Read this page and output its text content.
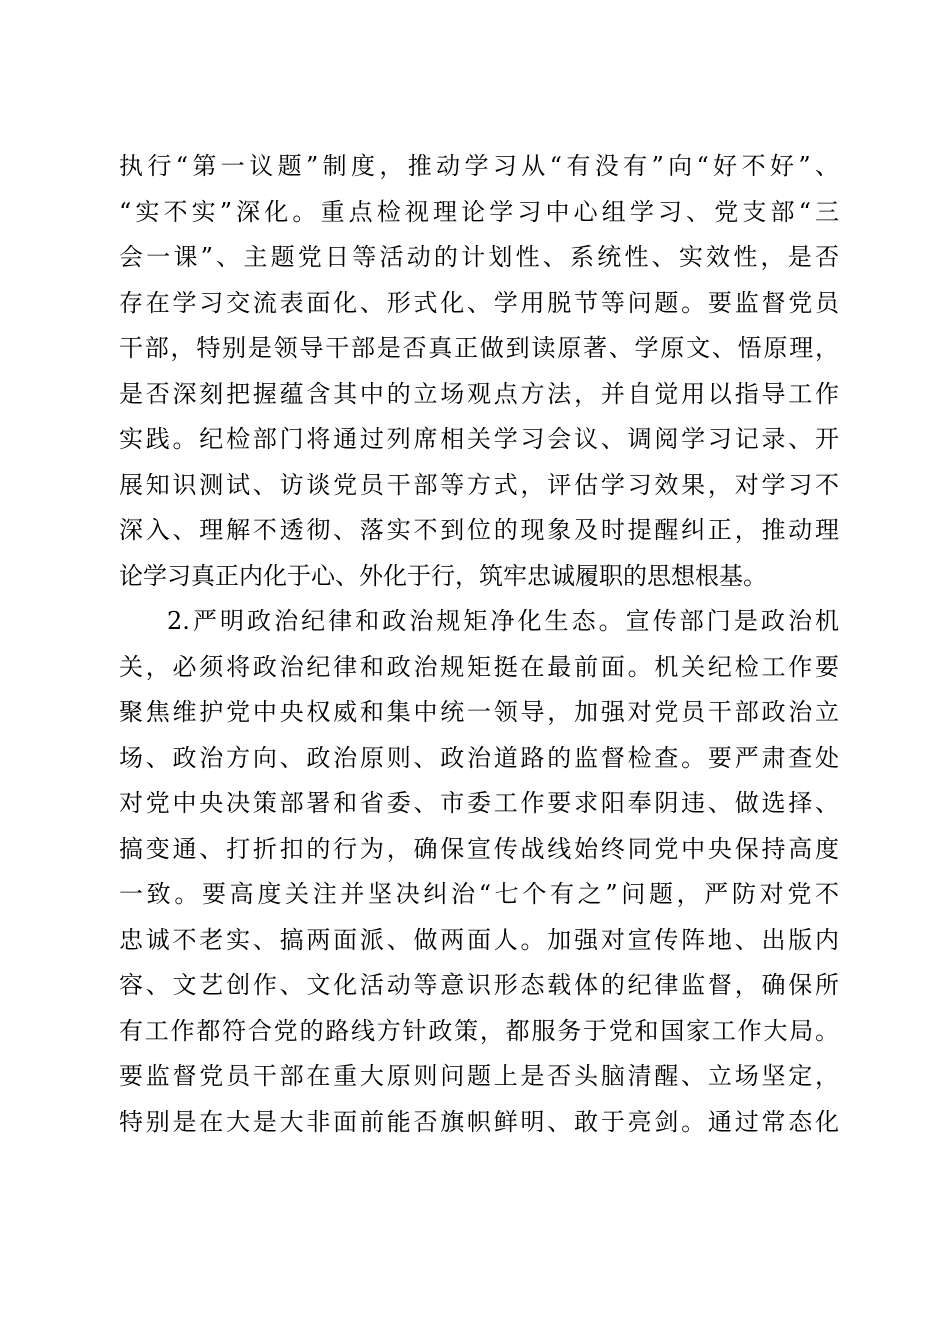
执行“第一议题”制度，推动学习从“有没有”向“好不好”、
“实不实”深化。重点检视理论学习中心组学习、党支部“三
会一课”、主题党日等活动的计划性、系统性、实效性，是否
存在学习交流表面化、形式化、学用脱节等问题。要监督党员
干部，特别是领导干部是否真正做到读原著、学原文、悟原理，
是否深刻把握蕴含其中的立场观点方法，并自觉用以指导工作
实践。纪检部门将通过列席相关学习会议、调阅学习记录、开
展知识测试、访谈党员干部等方式，评估学习效果，对学习不
深入、理解不透彻、落实不到位的现象及时提醒纠正，推动理
论学习真正内化于心、外化于行，筑牢忠诚履职的思想根基。
2.严明政治纪律和政治规矩净化生态。宣传部门是政治机
关，必须将政治纪律和政治规矩挺在最前面。机关纪检工作要
聚焦维护党中央权威和集中统一领导，加强对党员干部政治立
场、政治方向、政治原则、政治道路的监督检查。要严肃查处
对党中央决策部署和省委、市委工作要求阳奉阴违、做选择、
搞变通、打折扣的行为，确保宣传战线始终同党中央保持高度
一致。要高度关注并坚决纠治“七个有之”问题，严防对党不
忠诚不老实、搞两面派、做两面人。加强对宣传阵地、出版内
容、文艺创作、文化活动等意识形态载体的纪律监督，确保所
有工作都符合党的路线方针政策，都服务于党和国家工作大局。
要监督党员干部在重大原则问题上是否头脑清醒、立场坚定，
特别是在大是大非面前能否旗帜鲜明、敢于亮剑。通过常态化
